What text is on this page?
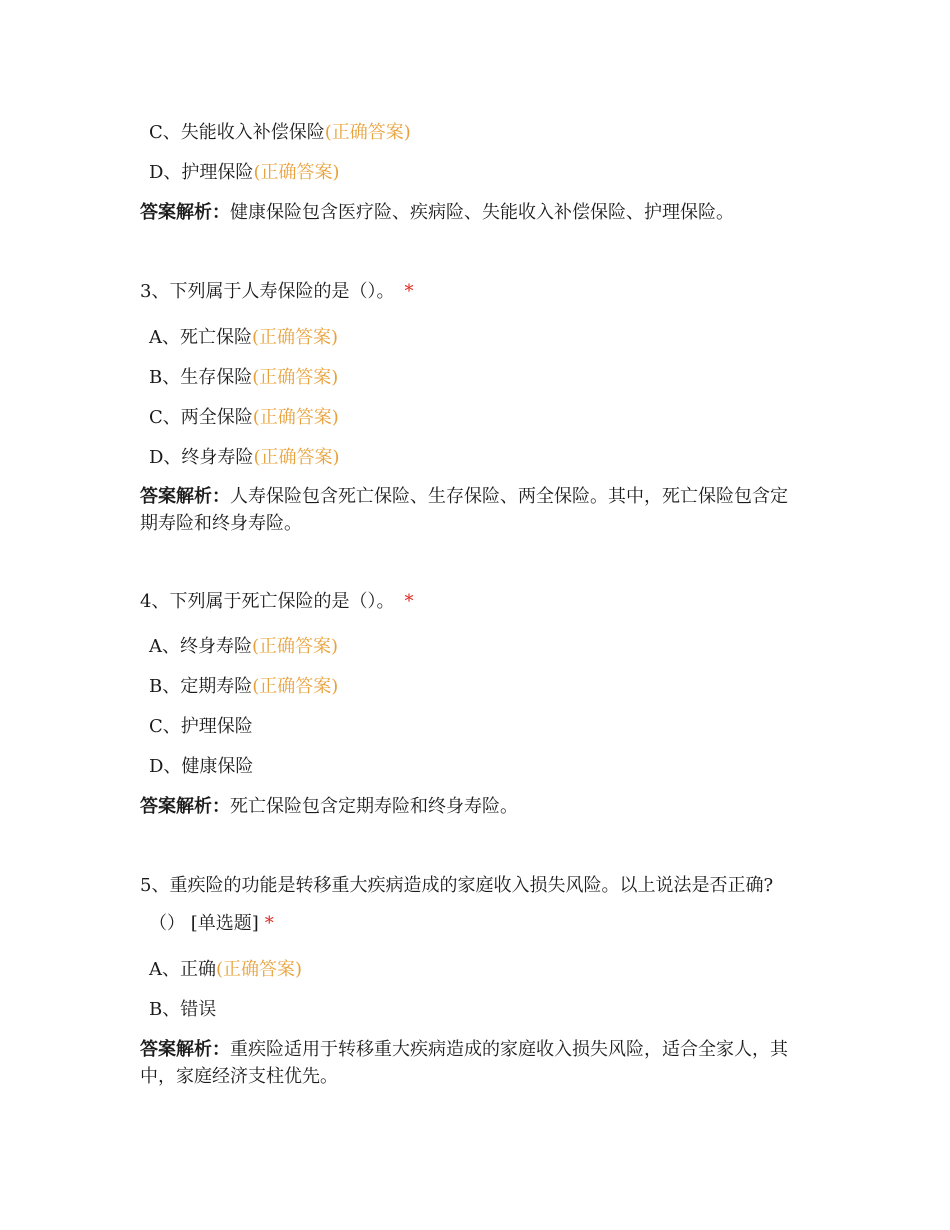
C、失能收入补偿保险(正确答案)
D、护理保险(正确答案)
答案解析：健康保险包含医疗险、疾病险、失能收入补偿保险、护理保险。
3、下列属于人寿保险的是（）。 *
A、死亡保险(正确答案)
B、生存保险(正确答案)
C、两全保险(正确答案)
D、终身寿险(正确答案)
答案解析：人寿保险包含死亡保险、生存保险、两全保险。其中，死亡保险包含定
期寿险和终身寿险。
4、下列属于死亡保险的是（）。 *
A、终身寿险(正确答案)
B、定期寿险(正确答案)
C、护理保险
D、健康保险
答案解析：死亡保险包含定期寿险和终身寿险。
5、重疾险的功能是转移重大疾病造成的家庭收入损失风险。以上说法是否正确?
（） [单选题] *
A、正确(正确答案)
B、错误
答案解析：重疾险适用于转移重大疾病造成的家庭收入损失风险，适合全家人，其
中，家庭经济支柱优先。
